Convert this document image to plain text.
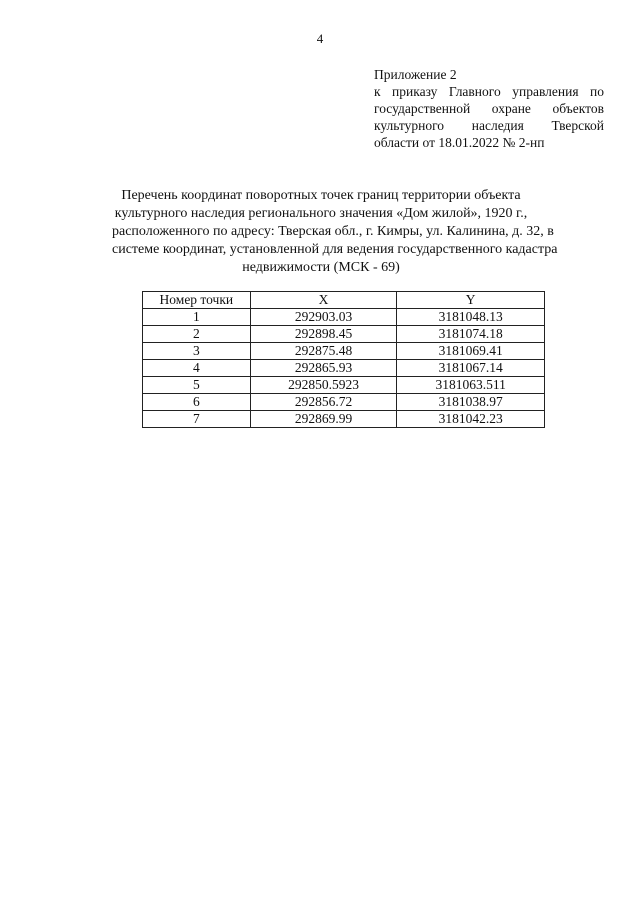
4
Приложение 2
к приказу Главного управления по
государственной охране объектов
культурного наследия Тверской
области от 18.01.2022 № 2-нп
Перечень координат поворотных точек границ территории объекта
культурного наследия регионального значения «Дом жилой», 1920 г.,
расположенного по адресу: Тверская обл., г. Кимры, ул. Калинина, д. 32, в
системе координат, установленной для ведения государственного кадастра
недвижимости (МСК - 69)
Номер точки	X	Y
1	292903.03	3181048.13
2	292898.45	3181074.18
3	292875.48	3181069.41
4	292865.93	3181067.14
5	292850.5923	3181063.511
6	292856.72	3181038.97
7	292869.99	3181042.23
